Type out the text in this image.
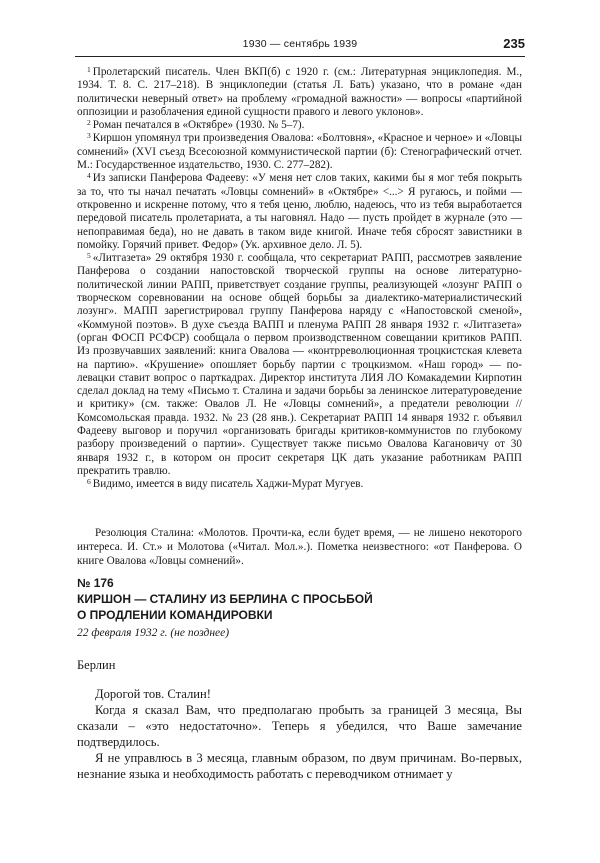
1930 — сентябрь 1939	235

$^1$ Пролетарский писатель. Член ВКП(б) с 1920 г. (см.: Литературная энциклопедия. М., 1934. Т. 8. С. 217–218). В энциклопедии (статья Л. Бать) указано, что в романе «дан политически неверный ответ» на проблему «громадной важности» — вопросы «партийной оппозиции и разоблачения единой сущности правого и левого уклонов».

$^2$ Роман печатался в «Октябре» (1930. № 5–7).

$^3$ Киршон упомянул три произведения Овалова: «Болтовня», «Красное и черное» и «Ловцы сомнений» (XVI съезд Всесоюзной коммунистической партии (б): Стенографический отчет. М.: Государственное издательство, 1930. С. 277–282).

$^4$ Из записки Панферова Фадееву: «У меня нет слов таких, какими бы я мог тебя покрыть за то, что ты начал печатать «Ловцы сомнений» в «Октябре» <...> Я ругаюсь, и пойми — откровенно и искренне потому, что я тебя ценю, люблю, надеюсь, что из тебя выработается передовой писатель пролетариата, а ты наговнял. Надо — пусть пройдет в журнале (это — непоправимая беда), но не давать в таком виде книгой. Иначе тебя сбросят завистники в помойку. Горячий привет. Федор» (Ук. архивное дело. Л. 5).

$^5$ «Литгазета» 29 октября 1930 г. сообщала, что секретариат РАПП, рассмотрев заявление Панферова о создании напостовской творческой группы на основе литературно-политической линии РАПП, приветствует создание группы, реализующей «лозунг РАПП о творческом соревновании на основе общей борьбы за диалектико-материалистический лозунг». МАПП зарегистрировал группу Панферова наряду с «Напостовской сменой», «Коммуной поэтов». В духе съезда ВАПП и пленума РАПП 28 января 1932 г. «Литгазета» (орган ФОСП РСФСР) сообщала о первом производственном совещании критиков РАПП. Из прозвучавших заявлений: книга Овалова — «контрреволюционная троцкистская клевета на партию». «Крушение» опошляет борьбу партии с троцкизмом. «Наш город» — по-левацки ставит вопрос о парткадрах. Директор института ЛИЯ ЛО Комакадемии Кирпотин сделал доклад на тему «Письмо т. Сталина и задачи борьбы за ленинское литературоведение и критику» (см. также: Овалов Л. Не «Ловцы сомнений», а предатели революции // Комсомольская правда. 1932. № 23 (28 янв.). Секретариат РАПП 14 января 1932 г. объявил Фадееву выговор и поручил «организовать бригады критиков-коммунистов по глубокому разбору произведений о партии». Существует также письмо Овалова Кагановичу от 30 января 1932 г., в котором он просит секретаря ЦК дать указание работникам РАПП прекратить травлю.

$^6$ Видимо, имеется в виду писатель Хаджи-Мурат Мугуев.

Резолюция Сталина: «Молотов. Прочти-ка, если будет время, — не лишено некоторого интереса. И. Ст.» и Молотова («Читал. Мол.».). Пометка неизвестного: «от Панферова. О книге Овалова «Ловцы сомнений».

№ 176
КИРШОН — СТАЛИНУ ИЗ БЕРЛИНА С ПРОСЬБОЙ
О ПРОДЛЕНИИ КОМАНДИРОВКИ
22 февраля 1932 г. (не позднее)
Берлин

Дорогой тов. Сталин!

Когда я сказал Вам, что предполагаю пробыть за границей 3 месяца, Вы сказали – «это недостаточно». Теперь я убедился, что Ваше замечание подтвердилось.

Я не управлюсь в 3 месяца, главным образом, по двум причинам. Во-первых, незнание языка и необходимость работать с переводчиком отнимает у
